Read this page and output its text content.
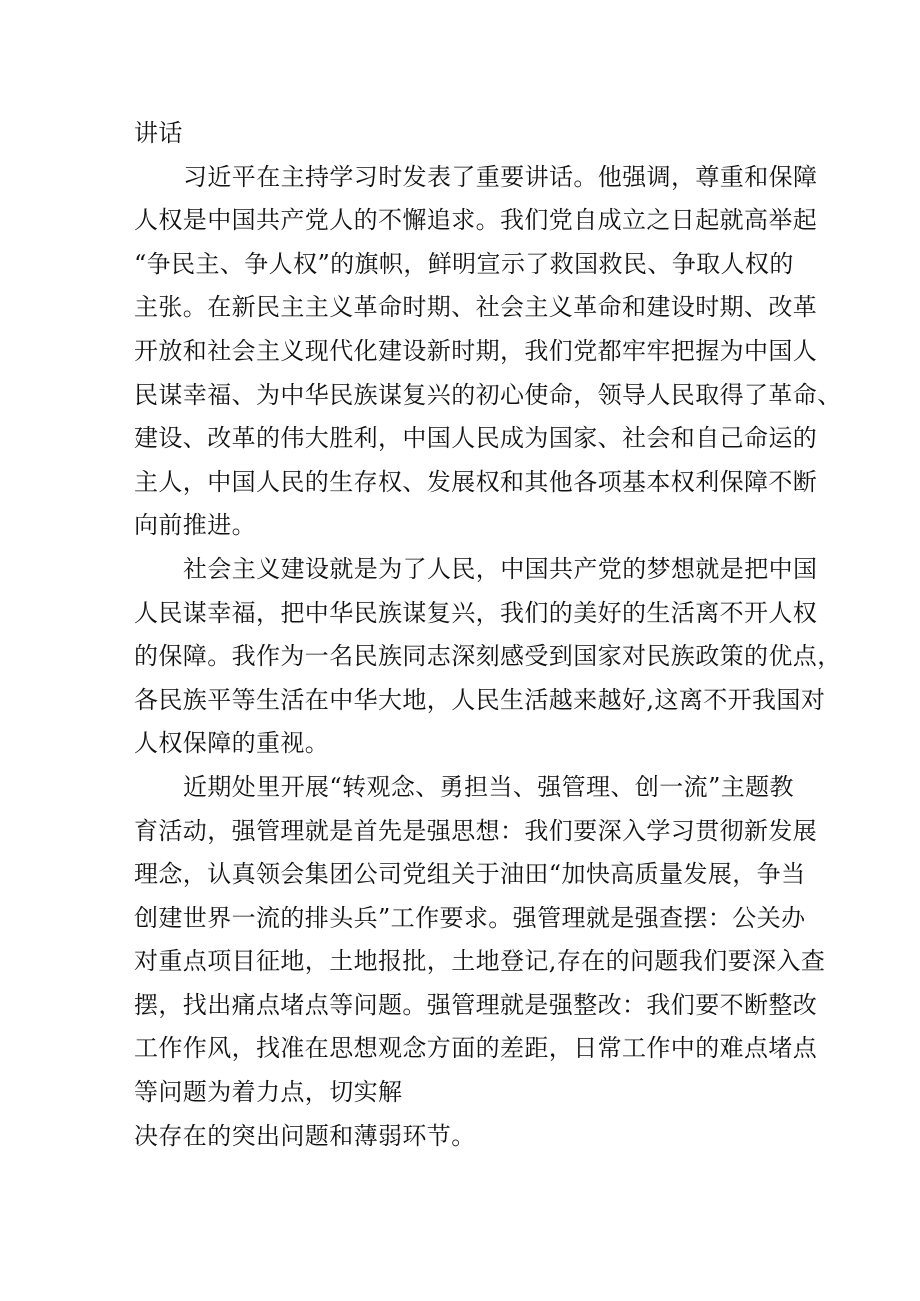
讲话
习近平在主持学习时发表了重要讲话。他强调，尊重和保障
人权是中国共产党人的不懈追求。我们党自成立之日起就高举起
“争民主、争人权”的旗帜，鲜明宣示了救国救民、争取人权的
主张。在新民主主义革命时期、社会主义革命和建设时期、改革
开放和社会主义现代化建设新时期，我们党都牢牢把握为中国人
民谋幸福、为中华民族谋复兴的初心使命，领导人民取得了革命、
建设、改革的伟大胜利，中国人民成为国家、社会和自己命运的
主人，中国人民的生存权、发展权和其他各项基本权利保障不断
向前推进。
社会主义建设就是为了人民，中国共产党的梦想就是把中国
人民谋幸福，把中华民族谋复兴，我们的美好的生活离不开人权
的保障。我作为一名民族同志深刻感受到国家对民族政策的优点，
各民族平等生活在中华大地，人民生活越来越好,这离不开我国对
人权保障的重视。
近期处里开展“转观念、勇担当、强管理、创一流”主题教
育活动，强管理就是首先是强思想：我们要深入学习贯彻新发展
理念，认真领会集团公司党组关于油田“加快高质量发展，争当
创建世界一流的排头兵”工作要求。强管理就是强查摆：公关办
对重点项目征地，土地报批，土地登记,存在的问题我们要深入查
摆，找出痛点堵点等问题。强管理就是强整改：我们要不断整改
工作作风，找准在思想观念方面的差距，日常工作中的难点堵点
等问题为着力点，切实解
决存在的突出问题和薄弱环节。
